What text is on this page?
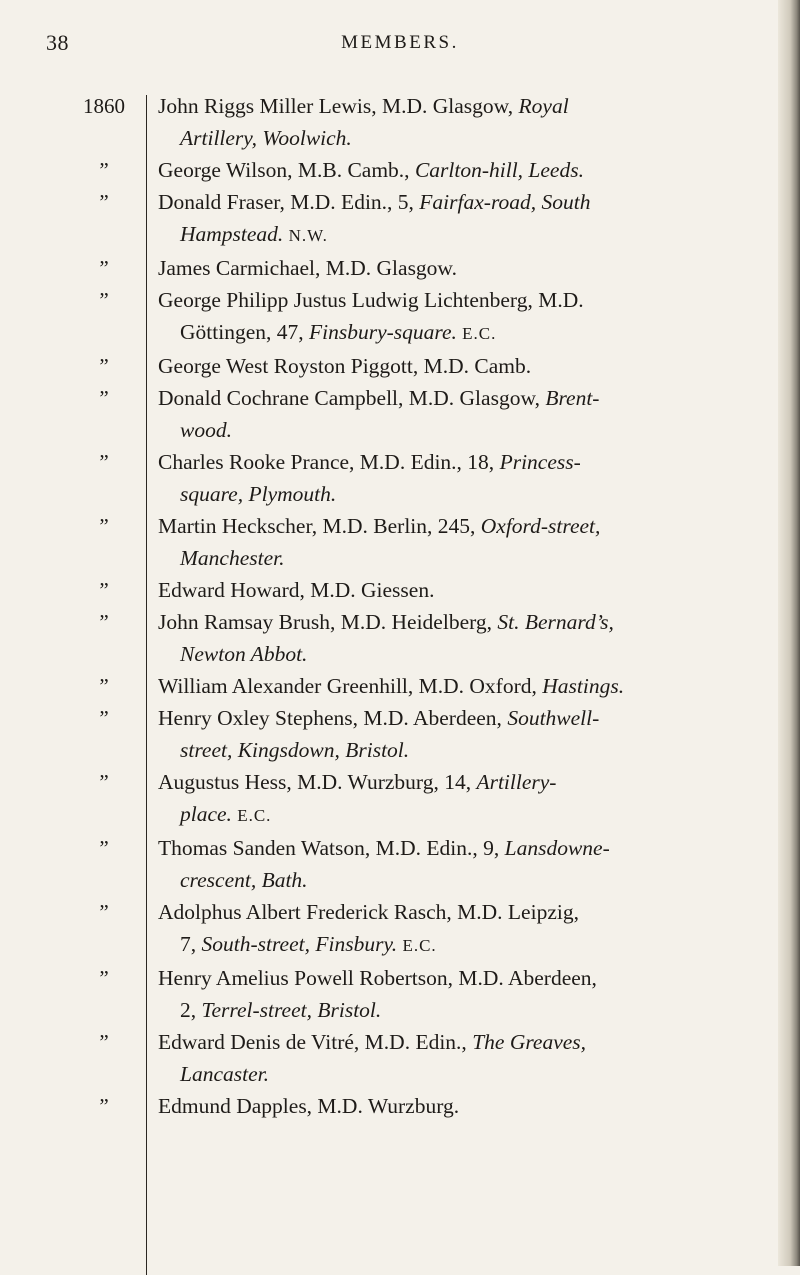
38	MEMBERS.
1860	John Riggs Miller Lewis, M.D. Glasgow, Royal
Artillery, Woolwich.
”	George Wilson, M.B. Camb., Carlton-hill, Leeds.
”	Donald Fraser, M.D. Edin., 5, Fairfax-road, South
Hampstead. N.W.
”	James Carmichael, M.D. Glasgow.
”	George Philipp Justus Ludwig Lichtenberg, M.D.
Göttingen, 47, Finsbury-square. E.C.
”	George West Royston Piggott, M.D. Camb.
”	Donald Cochrane Campbell, M.D. Glasgow, Brent-
wood.
”	Charles Rooke Prance, M.D. Edin., 18, Princess-
square, Plymouth.
”	Martin Heckscher, M.D. Berlin, 245, Oxford-street,
Manchester.
”	Edward Howard, M.D. Giessen.
”	John Ramsay Brush, M.D. Heidelberg, St. Bernard’s,
Newton Abbot.
”	William Alexander Greenhill, M.D. Oxford, Hastings.
”	Henry Oxley Stephens, M.D. Aberdeen, Southwell-
street, Kingsdown, Bristol.
”	Augustus Hess, M.D. Wurzburg, 14, Artillery-
place. E.C.
”	Thomas Sanden Watson, M.D. Edin., 9, Lansdowne-
crescent, Bath.
”	Adolphus Albert Frederick Rasch, M.D. Leipzig,
7, South-street, Finsbury. E.C.
”	Henry Amelius Powell Robertson, M.D. Aberdeen,
2, Terrel-street, Bristol.
”	Edward Denis de Vitré, M.D. Edin., The Greaves,
Lancaster.
”	Edmund Dapples, M.D. Wurzburg.
